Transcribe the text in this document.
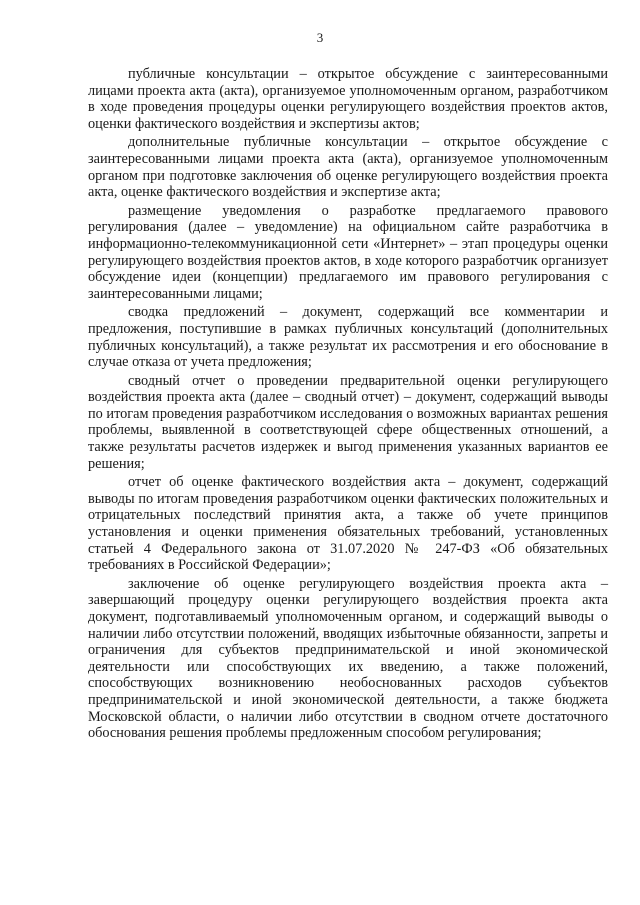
3

публичные консультации – открытое обсуждение с заинтересованными лицами проекта акта (акта), организуемое уполномоченным органом, разработчиком в ходе проведения процедуры оценки регулирующего воздействия проектов актов, оценки фактического воздействия и экспертизы актов;

дополнительные публичные консультации – открытое обсуждение с заинтересованными лицами проекта акта (акта), организуемое уполномоченным органом при подготовке заключения об оценке регулирующего воздействия проекта акта, оценке фактического воздействия и экспертизе акта;

размещение уведомления о разработке предлагаемого правового регулирования (далее – уведомление) на официальном сайте разработчика в информационно-телекоммуникационной сети «Интернет» – этап процедуры оценки регулирующего воздействия проектов актов, в ходе которого разработчик организует обсуждение идеи (концепции) предлагаемого им правового регулирования с заинтересованными лицами;

сводка предложений – документ, содержащий все комментарии и предложения, поступившие в рамках публичных консультаций (дополнительных публичных консультаций), а также результат их рассмотрения и его обоснование в случае отказа от учета предложения;

сводный отчет о проведении предварительной оценки регулирующего воздействия проекта акта (далее – сводный отчет) – документ, содержащий выводы по итогам проведения разработчиком исследования о возможных вариантах решения проблемы, выявленной в соответствующей сфере общественных отношений, а также результаты расчетов издержек и выгод применения указанных вариантов ее решения;

отчет об оценке фактического воздействия акта – документ, содержащий выводы по итогам проведения разработчиком оценки фактических положительных и отрицательных последствий принятия акта, а также об учете принципов установления и оценки применения обязательных требований, установленных статьей 4 Федерального закона от 31.07.2020 № 247-ФЗ «Об обязательных требованиях в Российской Федерации»;

заключение об оценке регулирующего воздействия проекта акта – завершающий процедуру оценки регулирующего воздействия проекта акта документ, подготавливаемый уполномоченным органом, и содержащий выводы о наличии либо отсутствии положений, вводящих избыточные обязанности, запреты и ограничения для субъектов предпринимательской и иной экономической деятельности или способствующих их введению, а также положений, способствующих возникновению необоснованных расходов субъектов предпринимательской и иной экономической деятельности, а также бюджета Московской области, о наличии либо отсутствии в сводном отчете достаточного обоснования решения проблемы предложенным способом регулирования;
